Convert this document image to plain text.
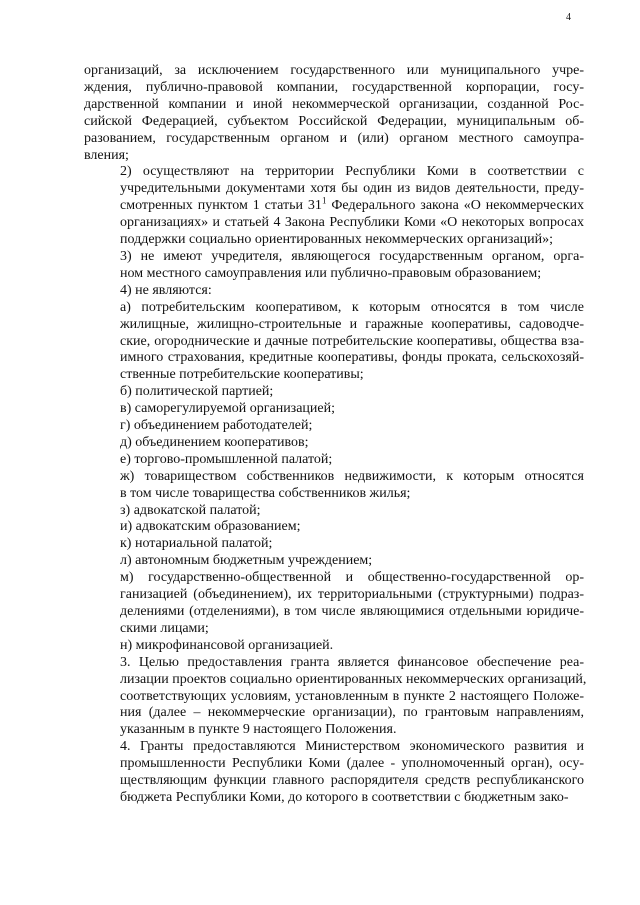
4
организаций, за исключением государственного или муниципального учре-
ждения, публично-правовой компании, государственной корпорации, госу-
дарственной компании и иной некоммерческой организации, созданной Рос-
сийской Федерацией, субъектом Российской Федерации, муниципальным об-
разованием, государственным органом и (или) органом местного самоупра-
вления;
2) осуществляют на территории Республики Коми в соответствии с
учредительными документами хотя бы один из видов деятельности, преду-
смотренных пунктом 1 статьи $31^1$ Федерального закона «О некоммерческих
организациях» и статьей 4 Закона Республики Коми «О некоторых вопросах
поддержки социально ориентированных некоммерческих организаций»;
3) не имеют учредителя, являющегося государственным органом, орга-
ном местного самоуправления или публично-правовым образованием;
4) не являются:
а) потребительским кооперативом, к которым относятся в том числе
жилищные, жилищно-строительные и гаражные кооперативы, садоводче-
ские, огороднические и дачные потребительские кооперативы, общества вза-
имного страхования, кредитные кооперативы, фонды проката, сельскохозяй-
ственные потребительские кооперативы;
б) политической партией;
в) саморегулируемой организацией;
г) объединением работодателей;
д) объединением кооперативов;
е) торгово-промышленной палатой;
ж) товариществом собственников недвижимости, к которым относятся
в том числе товарищества собственников жилья;
з) адвокатской палатой;
и) адвокатским образованием;
к) нотариальной палатой;
л) автономным бюджетным учреждением;
м) государственно-общественной и общественно-государственной ор-
ганизацией (объединением), их территориальными (структурными) подраз-
делениями (отделениями), в том числе являющимися отдельными юридиче-
скими лицами;
н) микрофинансовой организацией.
3. Целью предоставления гранта является финансовое обеспечение реа-
лизации проектов социально ориентированных некоммерческих организаций,
соответствующих условиям, установленным в пункте 2 настоящего Положе-
ния (далее – некоммерческие организации), по грантовым направлениям,
указанным в пункте 9 настоящего Положения.
4. Гранты предоставляются Министерством экономического развития и
промышленности Республики Коми (далее - уполномоченный орган), осу-
ществляющим функции главного распорядителя средств республиканского
бюджета Республики Коми, до которого в соответствии с бюджетным зако-
